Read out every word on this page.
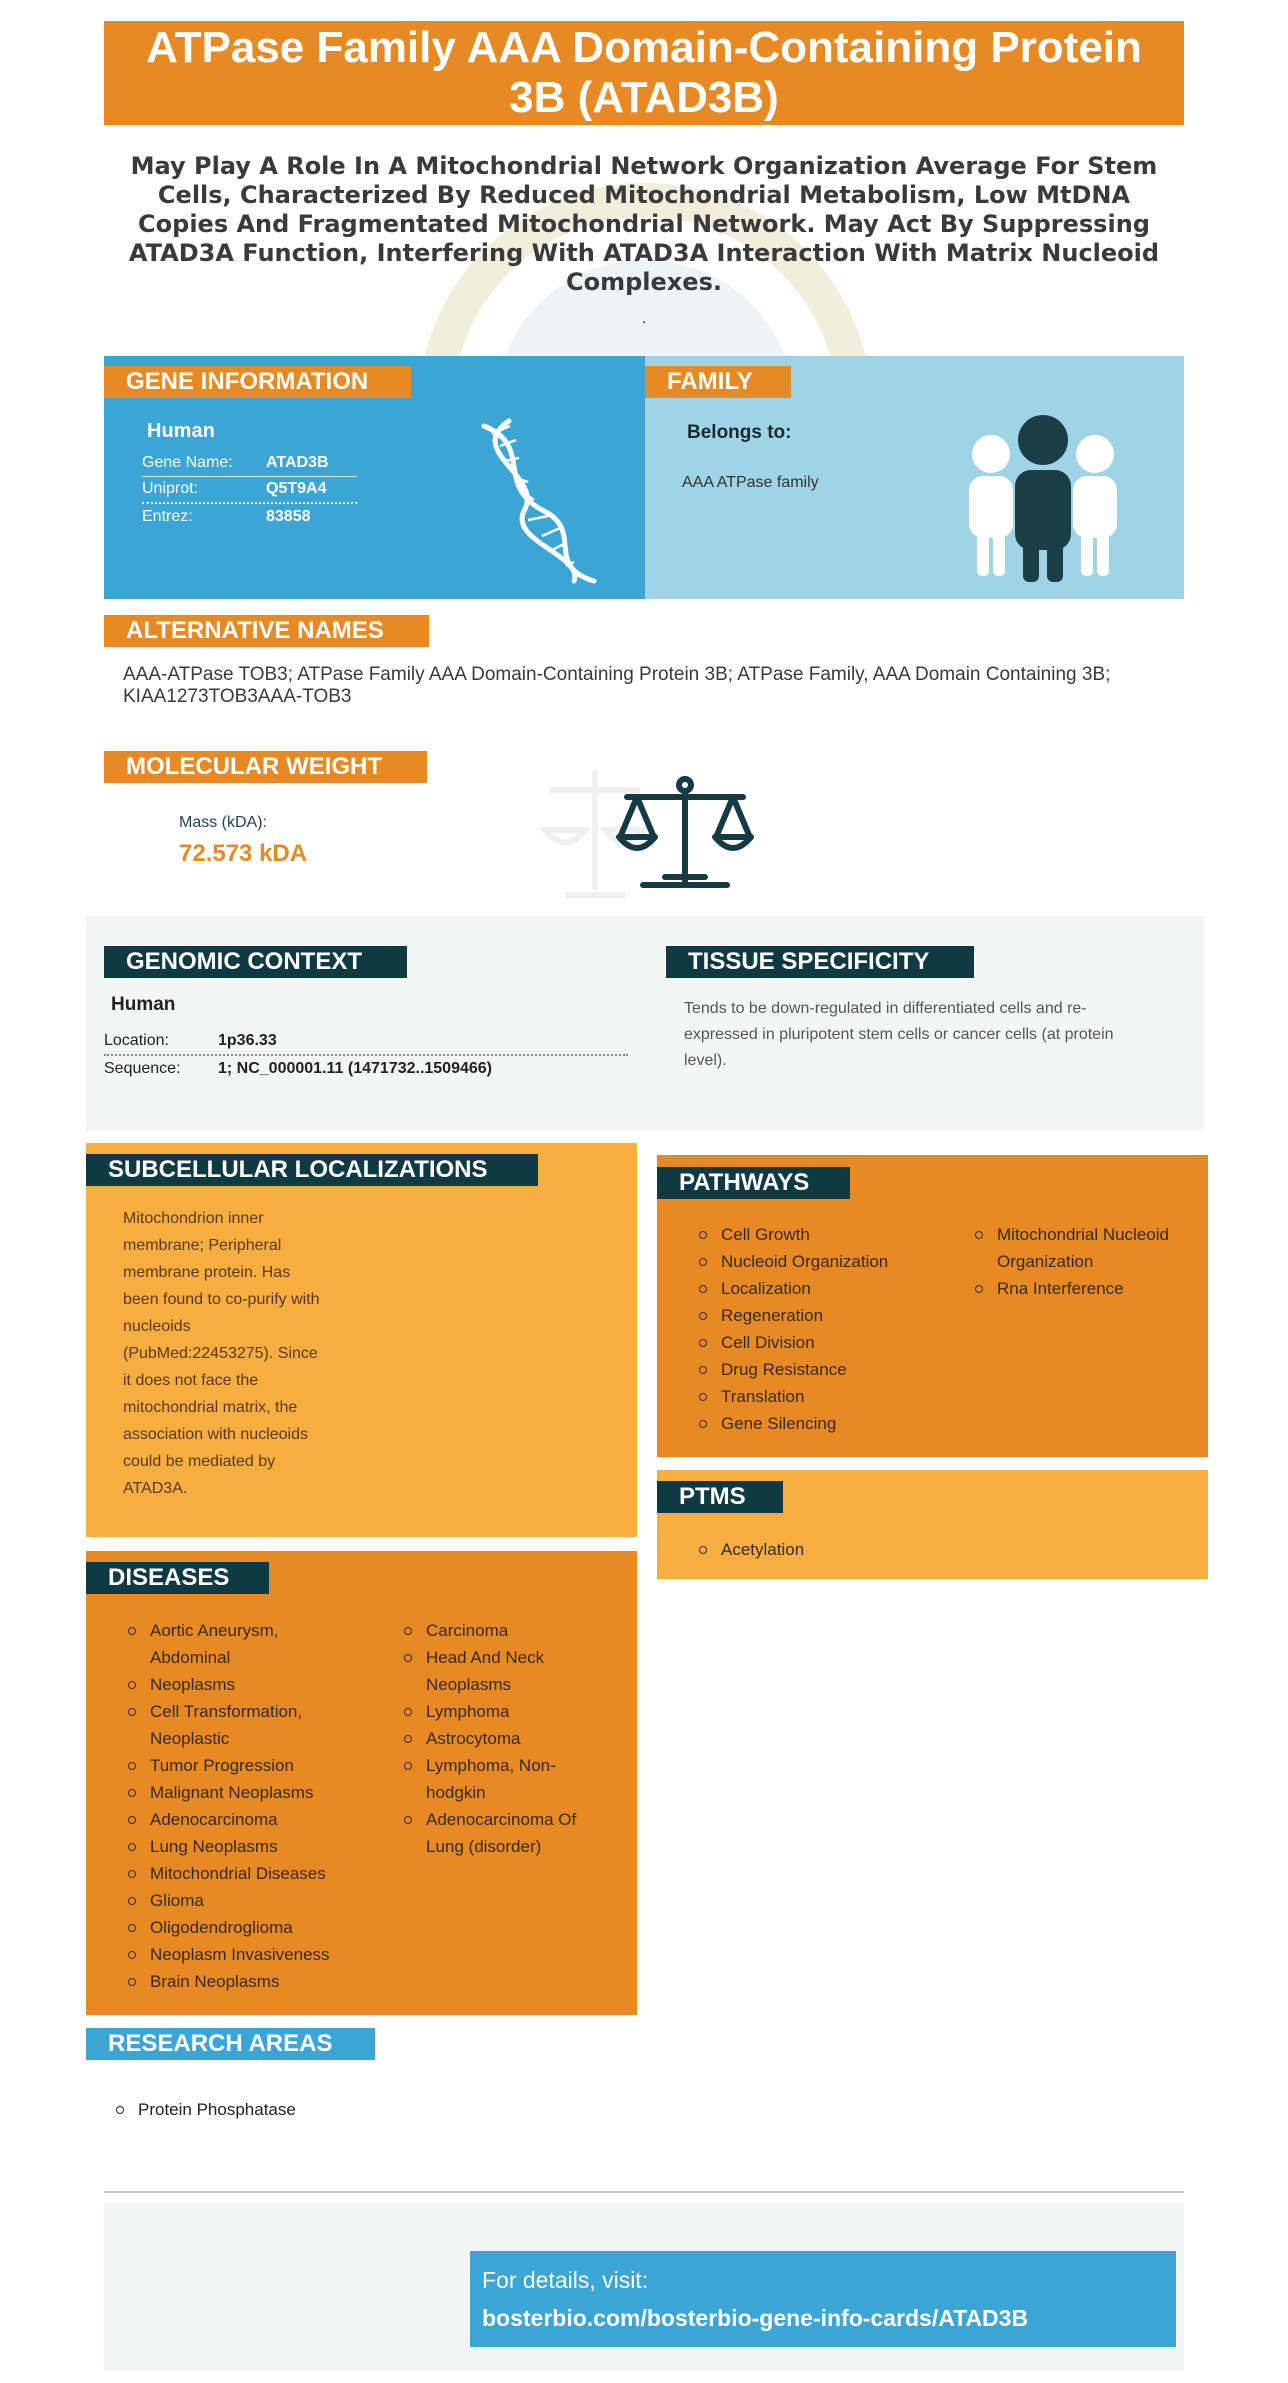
ATPase Family AAA Domain-Containing Protein 3B (ATAD3B)
May Play A Role In A Mitochondrial Network Organization Average For Stem Cells, Characterized By Reduced Mitochondrial Metabolism, Low MtDNA Copies And Fragmentated Mitochondrial Network. May Act By Suppressing ATAD3A Function, Interfering With ATAD3A Interaction With Matrix Nucleoid Complexes.
.
GENE INFORMATION
Human
Gene Name: ATAD3B
Uniprot:	Q5T9A4
Entrez:	83858
FAMILY
Belongs to:
AAA ATPase family
ALTERNATIVE NAMES
AAA-ATPase TOB3; ATPase Family AAA Domain-Containing Protein 3B; ATPase Family, AAA Domain Containing 3B; KIAA1273TOB3AAA-TOB3
MOLECULAR WEIGHT
Mass (kDA):
72.573 kDA
GENOMIC CONTEXT
Human
Location:	1p36.33
Sequence: 1; NC_000001.11 (1471732..1509466)
TISSUE SPECIFICITY
Tends to be down-regulated in differentiated cells and re-expressed in pluripotent stem cells or cancer cells (at protein level).
SUBCELLULAR LOCALIZATIONS
Mitochondrion inner membrane; Peripheral membrane protein. Has been found to co-purify with nucleoids (PubMed:22453275). Since it does not face the mitochondrial matrix, the association with nucleoids could be mediated by ATAD3A.
PATHWAYS
Cell Growth
Nucleoid Organization
Localization
Regeneration
Cell Division
Drug Resistance
Translation
Gene Silencing
Mitochondrial Nucleoid Organization
Rna Interference
PTMS
Acetylation
DISEASES
Aortic Aneurysm, Abdominal
Neoplasms
Cell Transformation, Neoplastic
Tumor Progression
Malignant Neoplasms
Adenocarcinoma
Lung Neoplasms
Mitochondrial Diseases
Glioma
Oligodendroglioma
Neoplasm Invasiveness
Brain Neoplasms
Carcinoma
Head And Neck Neoplasms
Lymphoma
Astrocytoma
Lymphoma, Non-hodgkin
Adenocarcinoma Of Lung (disorder)
RESEARCH AREAS
Protein Phosphatase
For details, visit:
bosterbio.com/bosterbio-gene-info-cards/ATAD3B
